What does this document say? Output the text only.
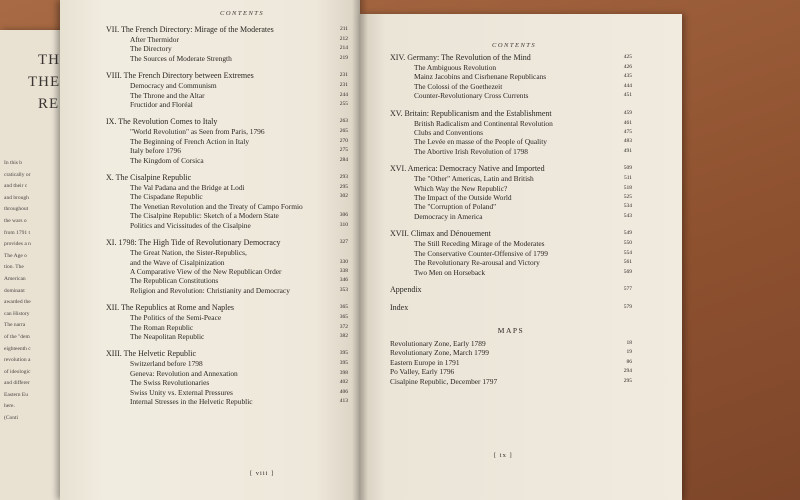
TH
THE
RE
In this b
cratically or
and their c
and brough
throughout
the wars o
from 1791 t
provides a n
The Age o
tion. The
American
dominant
awarded the
can History
The narra
of the "dem
eighteenth c
revolution a
of ideologic
and differer
Eastern Eu
here.
(Conti
CONTENTS
VII. The French Directory: Mirage of the Moderates	211
After Thermidor	212
The Directory	214
The Sources of Moderate Strength	219
VIII. The French Directory between Extremes	231
Democracy and Communism	231
The Throne and the Altar	244
Fructidor and Floréal	255
IX. The Revolution Comes to Italy	263
"World Revolution" as Seen from Paris, 1796	265
The Beginning of French Action in Italy	270
Italy before 1796	275
The Kingdom of Corsica	284
X. The Cisalpine Republic	293
The Val Padana and the Bridge at Lodi	295
The Cispadane Republic	302
The Venetian Revolution and the Treaty of Campo Formio
The Cisalpine Republic: Sketch of a Modern State	306
Politics and Vicissitudes of the Cisalpine	310
XI. 1798: The High Tide of Revolutionary Democracy	327
The Great Nation, the Sister-Republics,
and the Wave of Cisalpinization	330
A Comparative View of the New Republican Order	338
The Republican Constitutions	346
Religion and Revolution: Christianity and Democracy	353
XII. The Republics at Rome and Naples	365
The Politics of the Semi-Peace	365
The Roman Republic	372
The Neapolitan Republic	382
XIII. The Helvetic Republic	395
Switzerland before 1798	395
Geneva: Revolution and Annexation	398
The Swiss Revolutionaries	402
Swiss Unity vs. External Pressures	406
Internal Stresses in the Helvetic Republic	413
[ viii ]
CONTENTS
XIV. Germany: The Revolution of the Mind	425
The Ambiguous Revolution	426
Mainz Jacobins and Cisrhenane Republicans	435
The Colossi of the Goethezeit	444
Counter-Revolutionary Cross Currents	451
XV. Britain: Republicanism and the Establishment	459
British Radicalism and Continental Revolution	461
Clubs and Conventions	475
The Levée en masse of the People of Quality	483
The Abortive Irish Revolution of 1798	491
XVI. America: Democracy Native and Imported	509
The "Other" Americas, Latin and British	511
Which Way the New Republic?	518
The Impact of the Outside World	525
The "Corruption of Poland"	534
Democracy in America	543
XVII. Climax and Dénouement	549
The Still Receding Mirage of the Moderates	550
The Conservative Counter-Offensive of 1799	554
The Revolutionary Re-arousal and Victory	561
Two Men on Horseback	569
Appendix	577
Index	579
MAPS
Revolutionary Zone, Early 1789	18
Revolutionary Zone, March 1799	19
Eastern Europe in 1791	86
Po Valley, Early 1796	294
Cisalpine Republic, December 1797	295
[ ix ]
